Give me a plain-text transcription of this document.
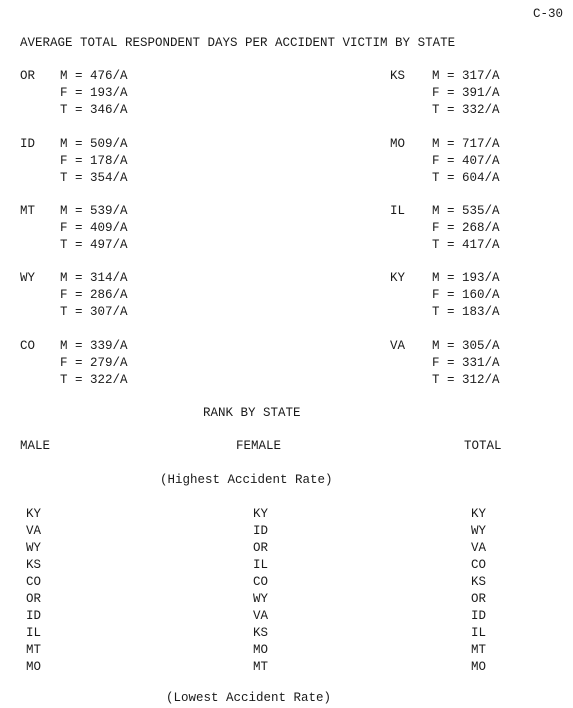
C-30
AVERAGE TOTAL RESPONDENT DAYS PER ACCIDENT VICTIM BY STATE
OR M = 476/A
F = 193/A
T = 346/A
ID M = 509/A
F = 178/A
T = 354/A
MT M = 539/A
F = 409/A
T = 497/A
WY M = 314/A
F = 286/A
T = 307/A
CO M = 339/A
F = 279/A
T = 322/A
KS M = 317/A
F = 391/A
T = 332/A
MO M = 717/A
F = 407/A
T = 604/A
IL M = 535/A
F = 268/A
T = 417/A
KY M = 193/A
F = 160/A
T = 183/A
VA M = 305/A
F = 331/A
T = 312/A
RANK BY STATE
MALE	FEMALE	TOTAL
(Highest Accident Rate)
KY
VA
WY
KS
CO
OR
ID
IL
MT
MO
KY
ID
OR
IL
CO
WY
VA
KS
MO
MT
KY
WY
VA
CO
KS
OR
ID
IL
MT
MO
(Lowest Accident Rate)
